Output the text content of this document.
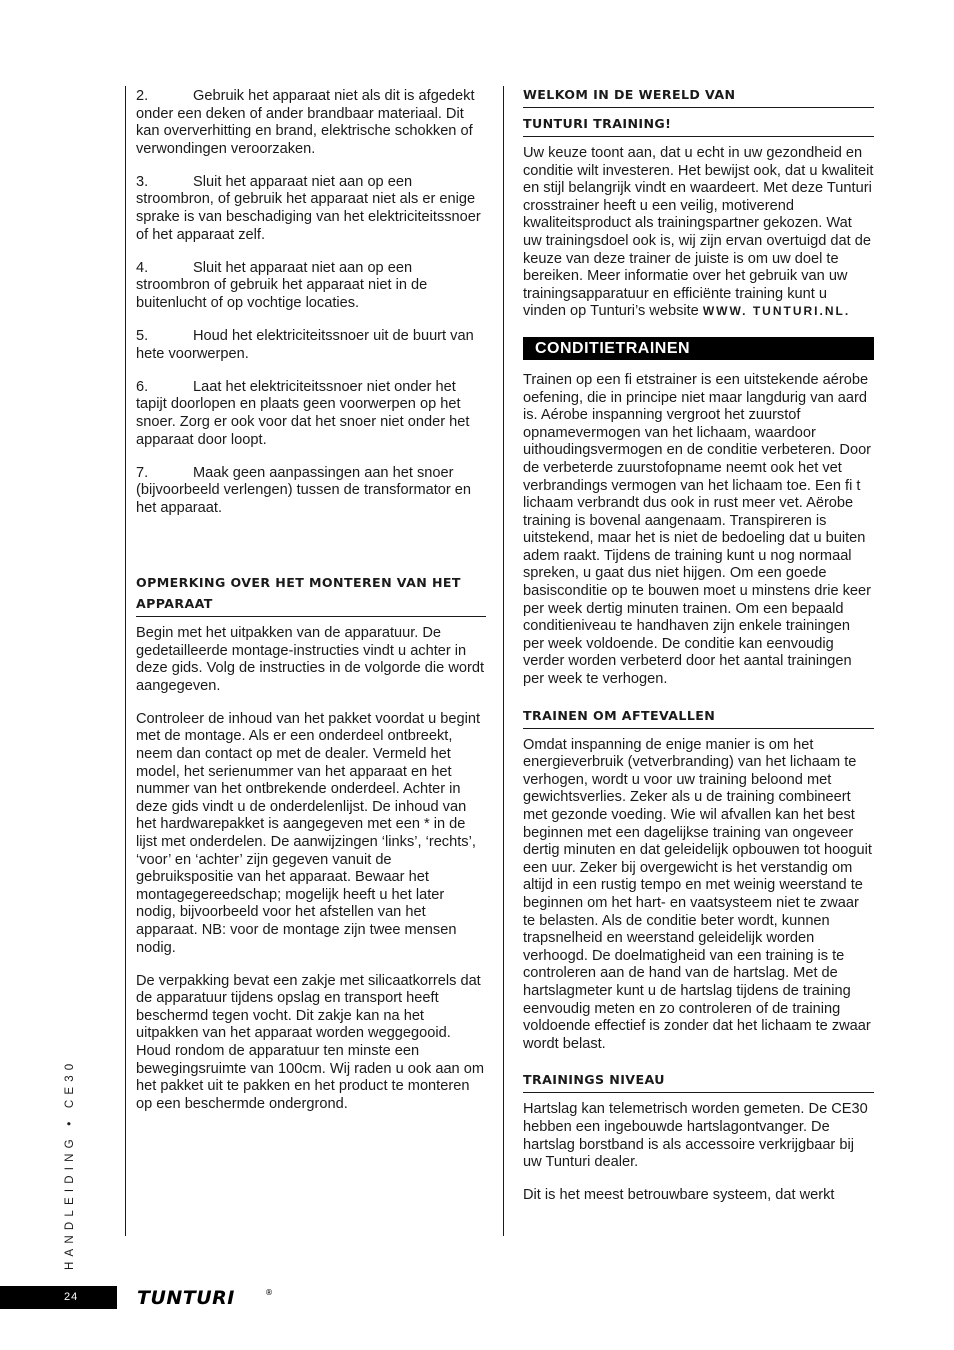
2.	Gebruik het apparaat niet als dit is afgedekt onder een deken of ander brandbaar materiaal. Dit kan oververhitting en brand, elektrische schokken of verwondingen veroorzaken.

3.	Sluit het apparaat niet aan op een stroombron, of gebruik het apparaat niet als er enige sprake is van beschadiging van het elektriciteitssnoer of het apparaat zelf.

4.	Sluit het apparaat niet aan op een stroombron of gebruik het apparaat niet in de buitenlucht of op vochtige locaties.

5.	Houd het elektriciteitssnoer uit de buurt van hete voorwerpen.

6.	Laat het elektriciteitssnoer niet onder het tapijt doorlopen en plaats geen voorwerpen op het snoer. Zorg er ook voor dat het snoer niet onder het apparaat door loopt.

7.	Maak geen aanpassingen aan het snoer (bijvoorbeeld verlengen) tussen de transformator en het apparaat.

OPMERKING OVER HET MONTEREN VAN HET APPARAAT

Begin met het uitpakken van de apparatuur. De gedetailleerde montage-instructies vindt u achter in deze gids. Volg de instructies in de volgorde die wordt aangegeven.

Controleer de inhoud van het pakket voordat u begint met de montage. Als er een onderdeel ontbreekt, neem dan contact op met de dealer. Vermeld het model, het serienummer van het apparaat en het nummer van het ontbrekende onderdeel. Achter in deze gids vindt u de onderdelenlijst. De inhoud van het hardwarepakket is aangegeven met een * in de lijst met onderdelen. De aanwijzingen ‘links’, ‘rechts’, ‘voor’ en ‘achter’ zijn gegeven vanuit de gebruikspositie van het apparaat. Bewaar het montagegereedschap; mogelijk heeft u het later nodig, bijvoorbeeld voor het afstellen van het apparaat. NB: voor de montage zijn twee mensen nodig.

De verpakking bevat een zakje met silicaatkorrels dat de apparatuur tijdens opslag en transport heeft beschermd tegen vocht. Dit zakje kan na het uitpakken van het apparaat worden weggegooid. Houd rondom de apparatuur ten minste een bewegingsruimte van 100cm. Wij raden u ook aan om het pakket uit te pakken en het product te monteren op een beschermde ondergrond.

WELKOM IN DE WERELD VAN
TUNTURI TRAINING!

Uw keuze toont aan, dat u echt in uw gezondheid en conditie wilt investeren. Het bewijst ook, dat u kwaliteit en stijl belangrijk vindt en waardeert. Met deze Tunturi crosstrainer heeft u een veilig, motiverend kwaliteitsproduct als trainingspartner gekozen. Wat uw trainingsdoel ook is, wij zijn ervan overtuigd dat de keuze van deze trainer de juiste is om uw doel te bereiken. Meer informatie over het gebruik van uw trainingsapparatuur en efficiënte training kunt u vinden op Tunturi’s website WWW. TUNTURI.NL.

CONDITIETRAINEN

Trainen op een fi etstrainer is een uitstekende aérobe oefening, die in principe niet maar langdurig van aard is. Aérobe inspanning vergroot het zuurstof opnamevermogen van het lichaam, waardoor uithoudingsvermogen en de conditie verbeteren. Door de verbeterde zuurstofopname neemt ook het vet verbrandings vermogen van het lichaam toe. Een fi t lichaam verbrandt dus ook in rust meer vet. Aërobe training is bovenal aangenaam. Transpireren is uitstekend, maar het is niet de bedoeling dat u buiten adem raakt. Tijdens de training kunt u nog normaal spreken, u gaat dus niet hijgen. Om een goede basisconditie op te bouwen moet u minstens drie keer per week dertig minuten trainen. Om een bepaald conditieniveau te handhaven zijn enkele trainingen per week voldoende. De conditie kan eenvoudig verder worden verbeterd door het aantal trainingen per week te verhogen.

TRAINEN OM AFTEVALLEN

Omdat inspanning de enige manier is om het energieverbruik (vetverbranding) van het lichaam te verhogen, wordt u voor uw training beloond met gewichtsverlies. Zeker als u de training combineert met gezonde voeding. Wie wil afvallen kan het best beginnen met een dagelijkse training van ongeveer dertig minuten en dat geleidelijk opbouwen tot hooguit een uur. Zeker bij overgewicht is het verstandig om altijd in een rustig tempo en met weinig weerstand te beginnen om het hart- en vaatsysteem niet te zwaar te belasten. Als de conditie beter wordt, kunnen trapsnelheid en weerstand geleidelijk worden verhoogd. De doelmatigheid van een training is te controleren aan de hand van de hartslag. Met de hartslagmeter kunt u de hartslag tijdens de training eenvoudig meten en zo controleren of de training voldoende effectief is zonder dat het lichaam te zwaar wordt belast.

TRAININGS NIVEAU

Hartslag kan telemetrisch worden gemeten. De CE30 hebben een ingebouwde hartslagontvanger. De hartslag borstband is als accessoire verkrijgbaar bij uw Tunturi dealer.

Dit is het meest betrouwbare systeem, dat werkt

HANDLEIDING • CE30
24	TUNTURI	®
